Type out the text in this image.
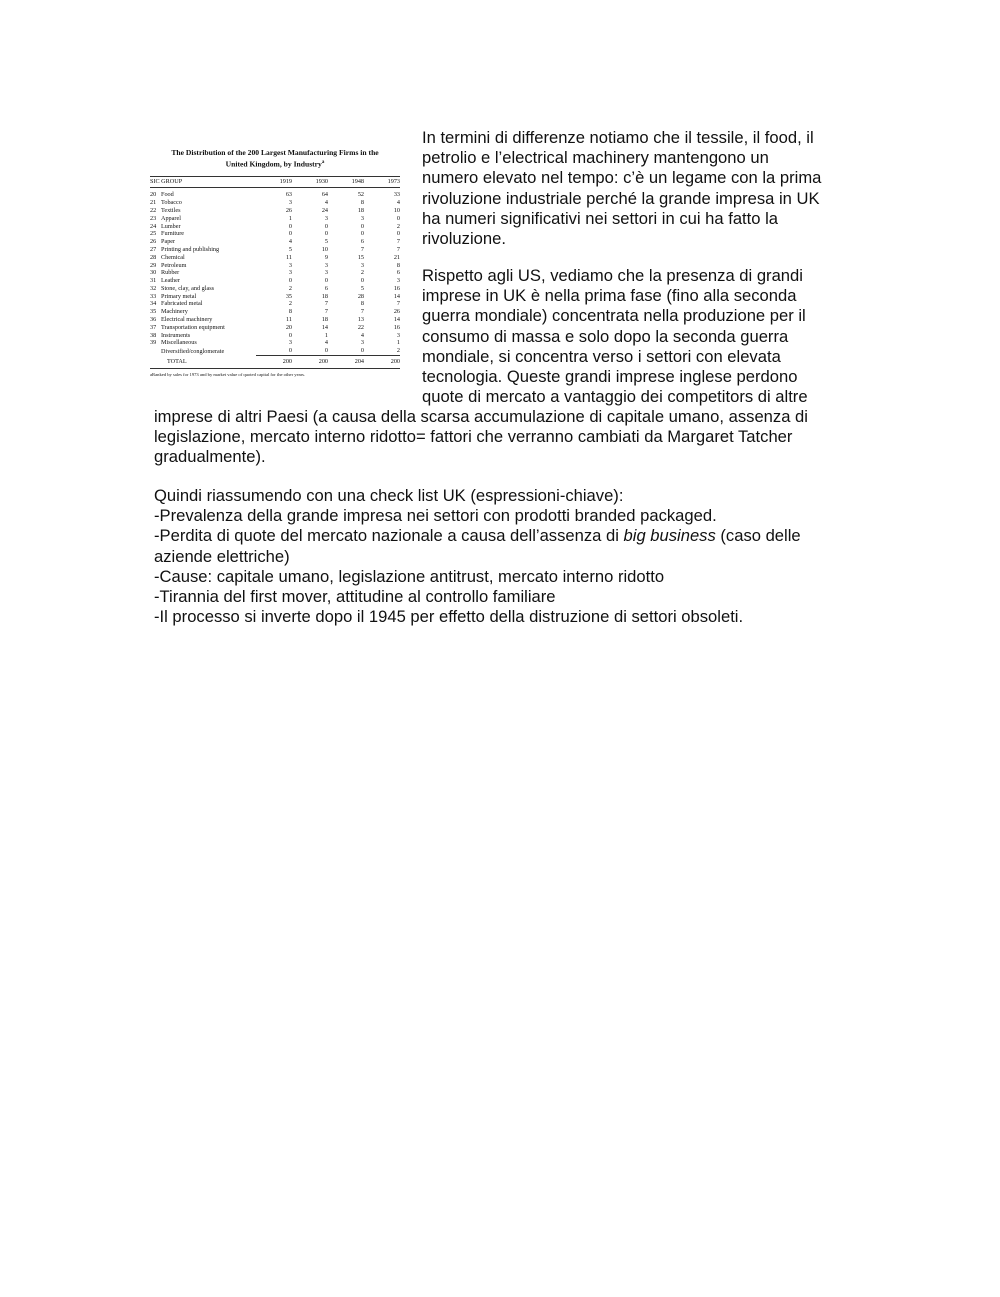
The Distribution of the 200 Largest Manufacturing Firms in the
United Kingdom, by Industry$^a$
SIC GROUP		1919	1930	1948	1973
20	Food	63	64	52	33
21	Tobacco	3	4	8	4
22	Textiles	26	24	18	10
23	Apparel	1	3	3	0
24	Lumber	0	0	0	2
25	Furniture	0	0	0	0
26	Paper	4	5	6	7
27	Printing and publishing	5	10	7	7
28	Chemical	11	9	15	21
29	Petroleum	3	3	3	8
30	Rubber	3	3	2	6
31	Leather	0	0	0	3
32	Stone, clay, and glass	2	6	5	16
33	Primary metal	35	18	28	14
34	Fabricated metal	2	7	8	7
35	Machinery	8	7	7	26
36	Electrical machinery	11	18	13	14
37	Transportation equipment	20	14	22	16
38	Instruments	0	1	4	3
39	Miscellaneous	3	4	3	1
	Diversified/conglomerate	0	0	0	2
	TOTAL	200	200	204	200
aRanked by sales for 1973 and by market value of quoted capital for the other years.

In termini di differenze notiamo che il tessile, il food, il
petrolio e l’electrical machinery mantengono un
numero elevato nel tempo: c’è un legame con la prima
rivoluzione industriale perché la grande impresa in UK
ha numeri significativi nei settori in cui ha fatto la
rivoluzione.

Rispetto agli US, vediamo che la presenza di grandi
imprese in UK è nella prima fase (fino alla seconda
guerra mondiale) concentrata nella produzione per il
consumo di massa e solo dopo la seconda guerra
mondiale, si concentra verso i settori con elevata
tecnologia. Queste grandi imprese inglese perdono
quote di mercato a vantaggio dei competitors di altre

imprese di altri Paesi (a causa della scarsa accumulazione di capitale umano, assenza di
legislazione, mercato interno ridotto= fattori che verranno cambiati da Margaret Tatcher
gradualmente).

Quindi riassumendo con una check list UK (espressioni-chiave):
-Prevalenza della grande impresa nei settori con prodotti branded packaged.
-Perdita di quote del mercato nazionale a causa dell’assenza di big business (caso delle
aziende elettriche)
-Cause: capitale umano, legislazione antitrust, mercato interno ridotto
-Tirannia del first mover, attitudine al controllo familiare
-Il processo si inverte dopo il 1945 per effetto della distruzione di settori obsoleti.
